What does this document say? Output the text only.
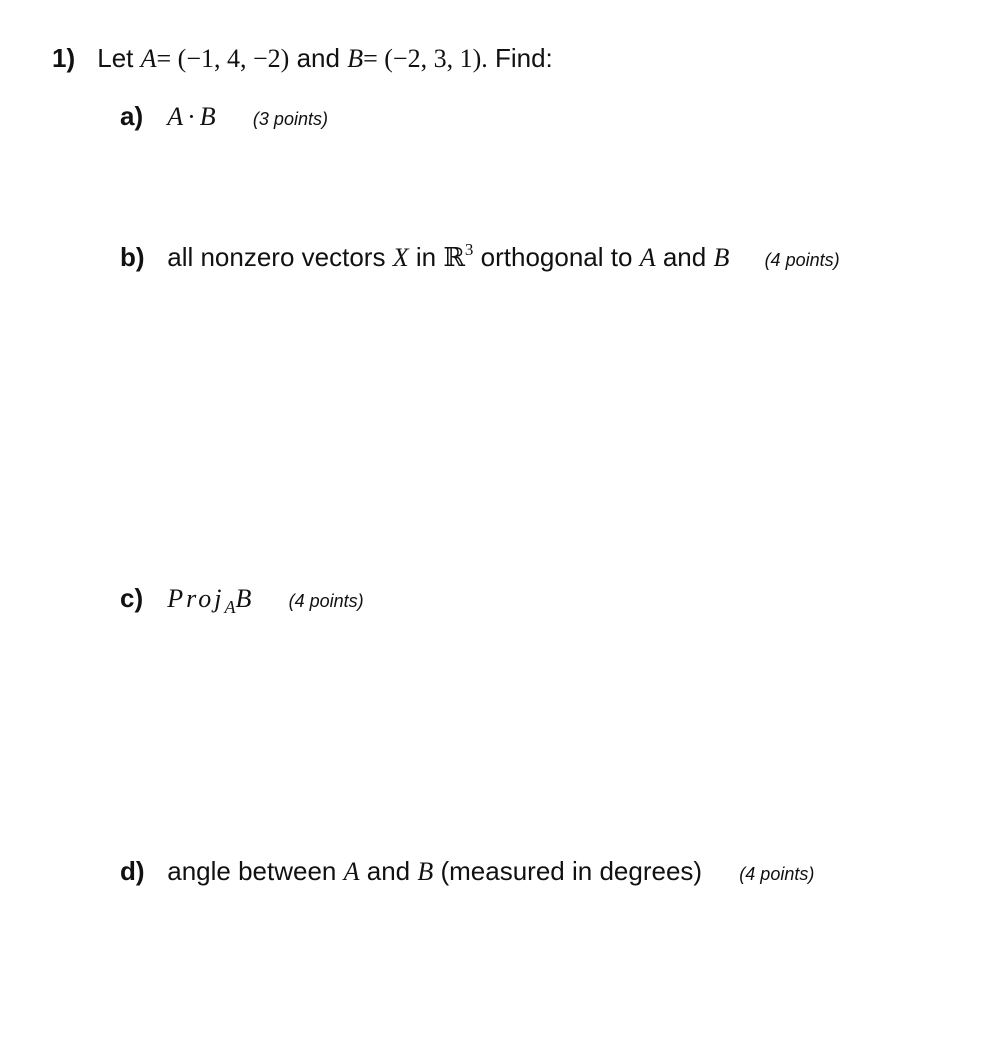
1) Let A= (−1, 4, −2) and B= (−2, 3, 1). Find:
a) A · B (3 points)
b) all nonzero vectors X in ℝ$^3$ orthogonal to A and B (4 points)
c) Proj$_A$B (4 points)
d) angle between A and B (measured in degrees) (4 points)
